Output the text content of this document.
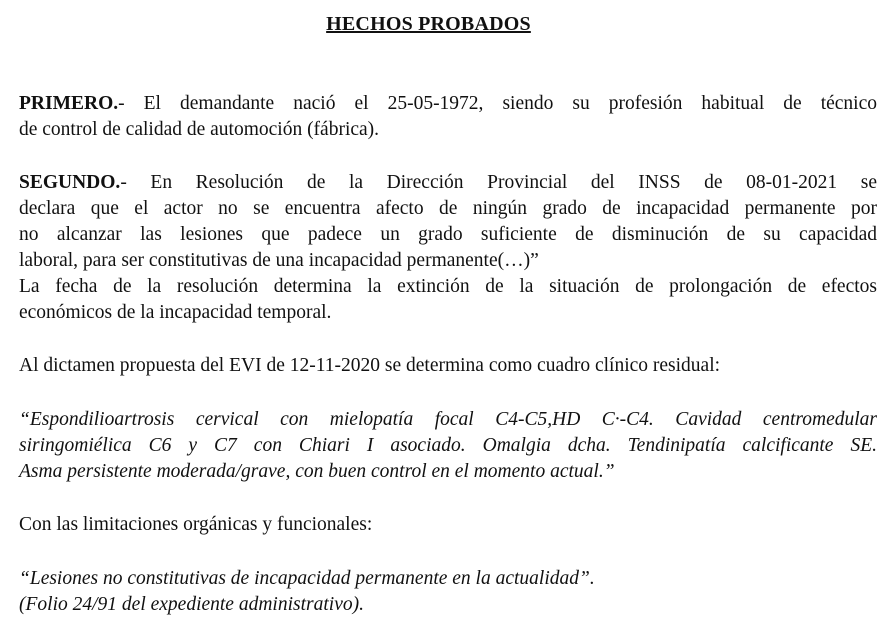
HECHOS PROBADOS
PRIMERO.- El demandante nació el 25-05-1972, siendo su profesión habitual de técnico
de control de calidad de automoción (fábrica).
SEGUNDO.- En Resolución de la Dirección Provincial del INSS de 08-01-2021 se
declara que el actor no se encuentra afecto de ningún grado de incapacidad permanente por
no alcanzar las lesiones que padece un grado suficiente de disminución de su capacidad
laboral, para ser constitutivas de una incapacidad permanente(…)”
La fecha de la resolución determina la extinción de la situación de prolongación de efectos
económicos de la incapacidad temporal.
Al dictamen propuesta del EVI de 12-11-2020 se determina como cuadro clínico residual:
“Espondilioartrosis cervical con mielopatía focal C4-C5,HD C·-C4. Cavidad centromedular
siringomiélica C6 y C7 con Chiari I asociado. Omalgia dcha. Tendinipatía calcificante SE.
Asma persistente moderada/grave, con buen control en el momento actual.”
Con las limitaciones orgánicas y funcionales:
“Lesiones no constitutivas de incapacidad permanente en la actualidad”.
(Folio 24/91 del expediente administrativo).
